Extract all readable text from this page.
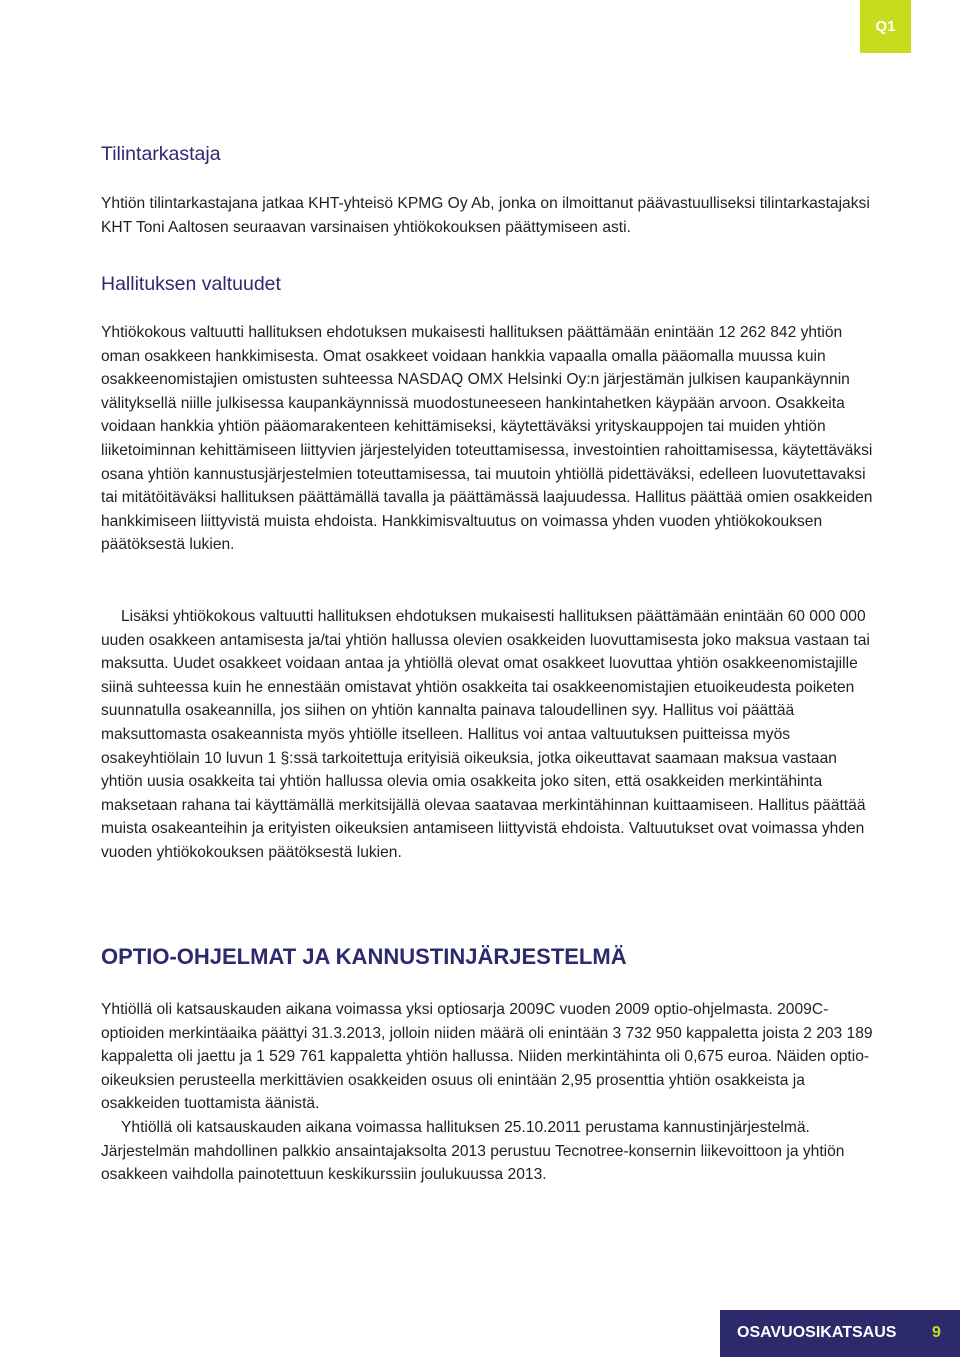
Q1
Tilintarkastaja

Yhtiön tilintarkastajana jatkaa KHT-yhteisö KPMG Oy Ab, jonka on ilmoittanut päävastuulliseksi tilintarkastajaksi KHT Toni Aaltosen seuraavan varsinaisen yhtiökokouksen päättymiseen asti.

Hallituksen valtuudet

Yhtiökokous valtuutti hallituksen ehdotuksen mukaisesti hallituksen päättämään enintään 12 262 842 yhtiön oman osakkeen hankkimisesta. Omat osakkeet voidaan hankkia vapaalla omalla pääomalla muussa kuin osakkeenomistajien omistusten suhteessa NASDAQ OMX Helsinki Oy:n järjestämän julkisen kaupankäynnin välityksellä niille julkisessa kaupankäynnissä muodostuneeseen hankintahetken käypään arvoon. Osakkeita voidaan hankkia yhtiön pääomarakenteen kehittämiseksi, käytettäväksi yrityskauppojen tai muiden yhtiön liiketoiminnan kehittämiseen liittyvien järjestelyiden toteuttamisessa, investointien rahoittamisessa, käytettäväksi osana yhtiön kannustusjärjestelmien toteuttamisessa, tai muutoin yhtiöllä pidettäväksi, edelleen luovutettavaksi tai mitätöitäväksi hallituksen päättämällä tavalla ja päättämässä laajuudessa. Hallitus päättää omien osakkeiden hankkimiseen liittyvistä muista ehdoista. Hankkimisvaltuutus on voimassa yhden vuoden yhtiökokouksen päätöksestä lukien.

Lisäksi yhtiökokous valtuutti hallituksen ehdotuksen mukaisesti hallituksen päättämään enintään 60 000 000 uuden osakkeen antamisesta ja/tai yhtiön hallussa olevien osakkeiden luovuttamisesta joko maksua vastaan tai maksutta. Uudet osakkeet voidaan antaa ja yhtiöllä olevat omat osakkeet luovuttaa yhtiön osakkeenomistajille siinä suhteessa kuin he ennestään omistavat yhtiön osakkeita tai osakkeenomistajien etuoikeudesta poiketen suunnatulla osakeannilla, jos siihen on yhtiön kannalta painava taloudellinen syy. Hallitus voi päättää maksuttomasta osakeannista myös yhtiölle itselleen. Hallitus voi antaa valtuutuksen puitteissa myös osakeyhtiölain 10 luvun 1 §:ssä tarkoitettuja erityisiä oikeuksia, jotka oikeuttavat saamaan maksua vastaan yhtiön uusia osakkeita tai yhtiön hallussa olevia omia osakkeita joko siten, että osakkeiden merkintähinta maksetaan rahana tai käyttämällä merkitsijällä olevaa saatavaa merkintähinnan kuittaamiseen. Hallitus päättää muista osakeanteihin ja erityisten oikeuksien antamiseen liittyvistä ehdoista. Valtuutukset ovat voimassa yhden vuoden yhtiökokouksen päätöksestä lukien.

OPTIO-OHJELMAT JA KANNUSTINJÄRJESTELMÄ

Yhtiöllä oli katsauskauden aikana voimassa yksi optiosarja 2009C vuoden 2009 optio-ohjelmasta. 2009C-optioiden merkintäaika päättyi 31.3.2013, jolloin niiden määrä oli enintään 3 732 950 kappaletta joista 2 203 189 kappaletta oli jaettu ja 1 529 761 kappaletta yhtiön hallussa. Niiden merkintähinta oli 0,675 euroa. Näiden optio-oikeuksien perusteella merkittävien osakkeiden osuus oli enintään 2,95 prosenttia yhtiön osakkeista ja osakkeiden tuottamista äänistä.

Yhtiöllä oli katsauskauden aikana voimassa hallituksen 25.10.2011 perustama kannustinjärjestelmä. Järjestelmän mahdollinen palkkio ansaintajaksolta 2013 perustuu Tecnotree-konsernin liikevoittoon ja yhtiön osakkeen vaihdolla painotettuun keskikurssiin joulukuussa 2013.

OSAVUOSIKATSAUS 9
